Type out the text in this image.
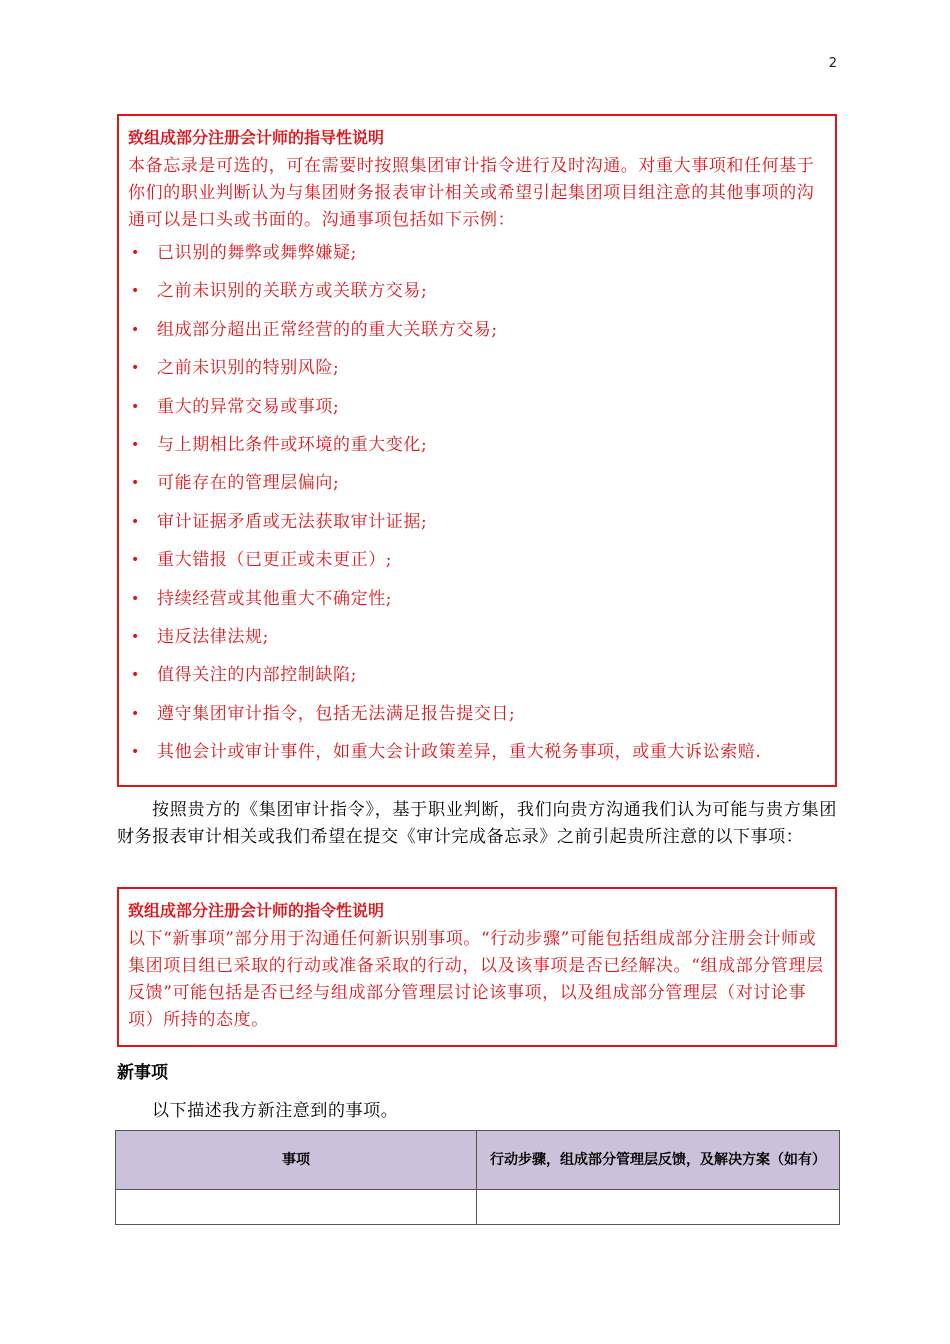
2
致组成部分注册会计师的指导性说明
本备忘录是可选的，可在需要时按照集团审计指令进行及时沟通。对重大事项和任何基于你们的职业判断认为与集团财务报表审计相关或希望引起集团项目组注意的其他事项的沟通可以是口头或书面的。沟通事项包括如下示例：
• 已识别的舞弊或舞弊嫌疑;
• 之前未识别的关联方或关联方交易;
• 组成部分超出正常经营的的重大关联方交易;
• 之前未识别的特别风险;
• 重大的异常交易或事项;
• 与上期相比条件或环境的重大变化;
• 可能存在的管理层偏向;
• 审计证据矛盾或无法获取审计证据;
• 重大错报（已更正或未更正）;
• 持续经营或其他重大不确定性;
• 违反法律法规;
• 值得关注的内部控制缺陷;
• 遵守集团审计指令，包括无法满足报告提交日;
• 其他会计或审计事件，如重大会计政策差异，重大税务事项，或重大诉讼索赔.
按照贵方的《集团审计指令》，基于职业判断，我们向贵方沟通我们认为可能与贵方集团财务报表审计相关或我们希望在提交《审计完成备忘录》之前引起贵所注意的以下事项：
致组成部分注册会计师的指令性说明
以下“新事项”部分用于沟通任何新识别事项。“行动步骤”可能包括组成部分注册会计师或集团项目组已采取的行动或准备采取的行动，以及该事项是否已经解决。“组成部分管理层反馈”可能包括是否已经与组成部分管理层讨论该事项，以及组成部分管理层（对讨论事项）所持的态度。
新事项
以下描述我方新注意到的事项。
事项	行动步骤，组成部分管理层反馈，及解决方案（如有）
